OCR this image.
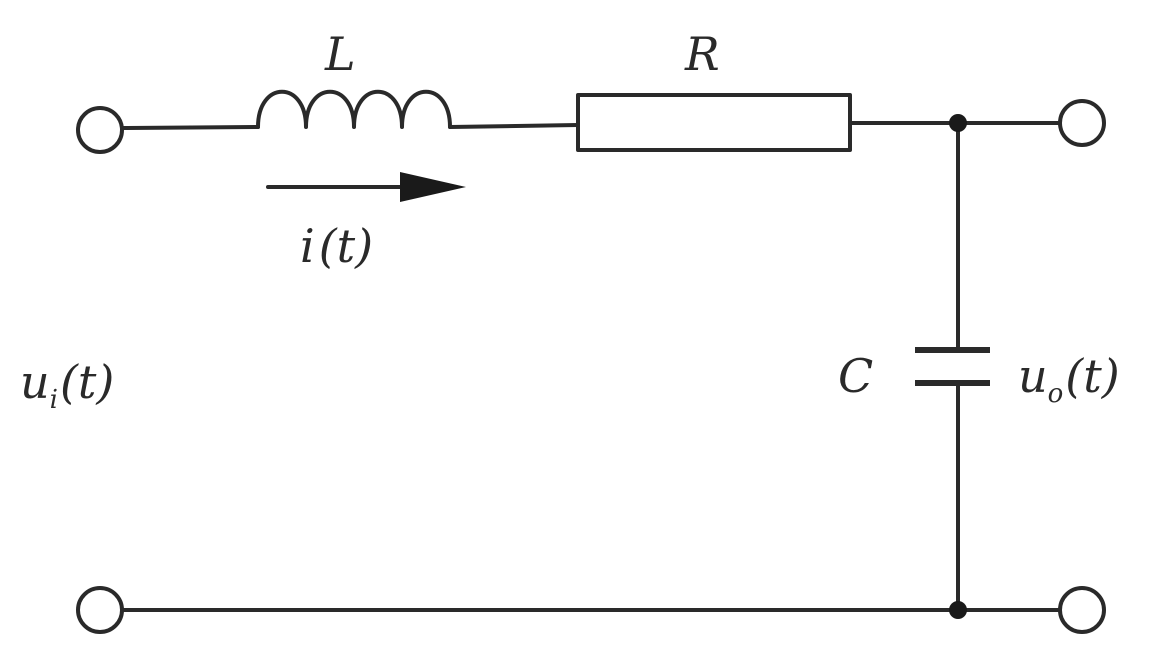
L	R
C
i(t)
$u_i(t)$	$u_o(t)$
